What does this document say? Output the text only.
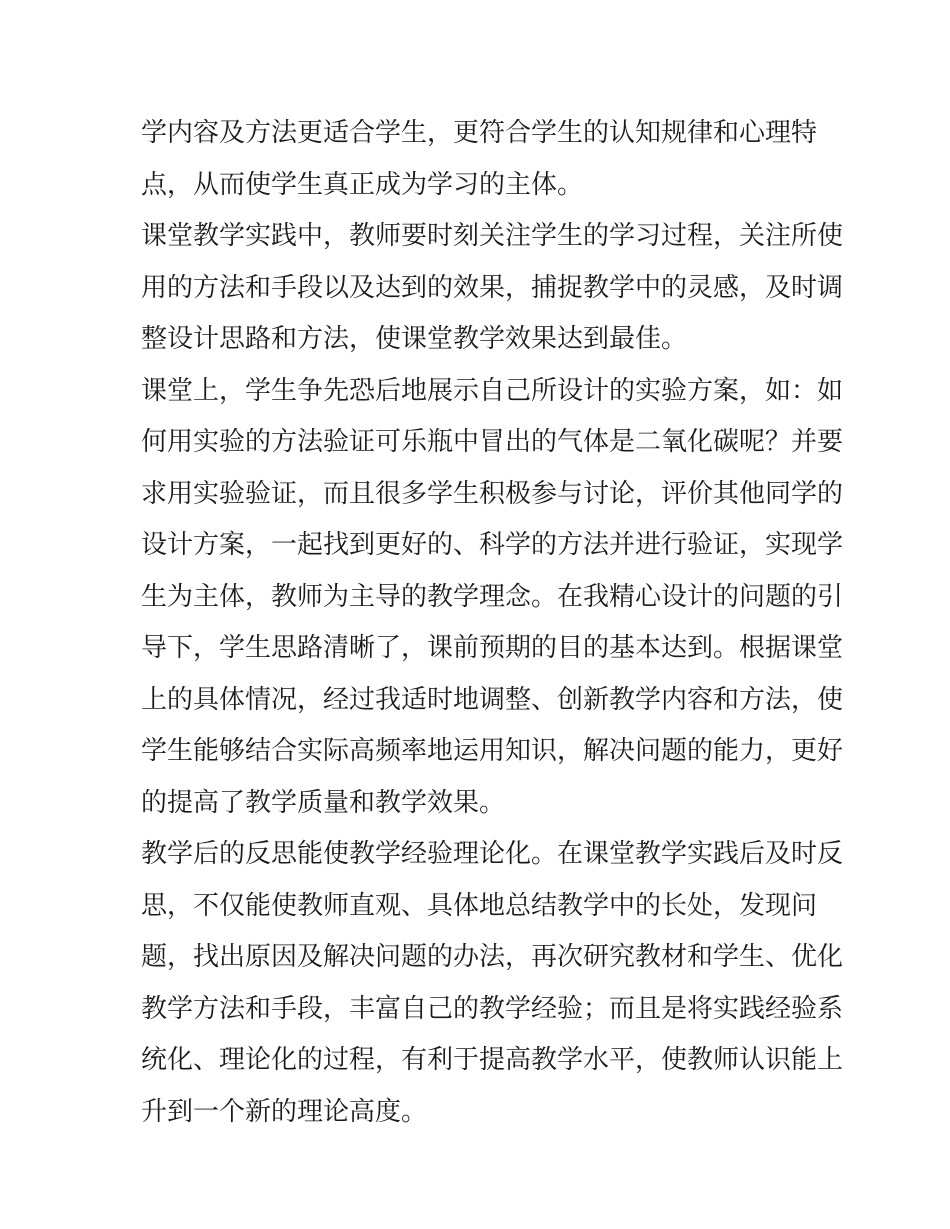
学内容及方法更适合学生，更符合学生的认知规律和心理特
点，从而使学生真正成为学习的主体。
课堂教学实践中，教师要时刻关注学生的学习过程，关注所使
用的方法和手段以及达到的效果，捕捉教学中的灵感，及时调
整设计思路和方法，使课堂教学效果达到最佳。
课堂上，学生争先恐后地展示自己所设计的实验方案，如：如
何用实验的方法验证可乐瓶中冒出的气体是二氧化碳呢？并要
求用实验验证，而且很多学生积极参与讨论，评价其他同学的
设计方案，一起找到更好的、科学的方法并进行验证，实现学
生为主体，教师为主导的教学理念。在我精心设计的问题的引
导下，学生思路清晰了，课前预期的目的基本达到。根据课堂
上的具体情况，经过我适时地调整、创新教学内容和方法，使
学生能够结合实际高频率地运用知识，解决问题的能力，更好
的提高了教学质量和教学效果。
教学后的反思能使教学经验理论化。在课堂教学实践后及时反
思，不仅能使教师直观、具体地总结教学中的长处，发现问
题，找出原因及解决问题的办法，再次研究教材和学生、优化
教学方法和手段，丰富自己的教学经验；而且是将实践经验系
统化、理论化的过程，有利于提高教学水平，使教师认识能上
升到一个新的理论高度。
